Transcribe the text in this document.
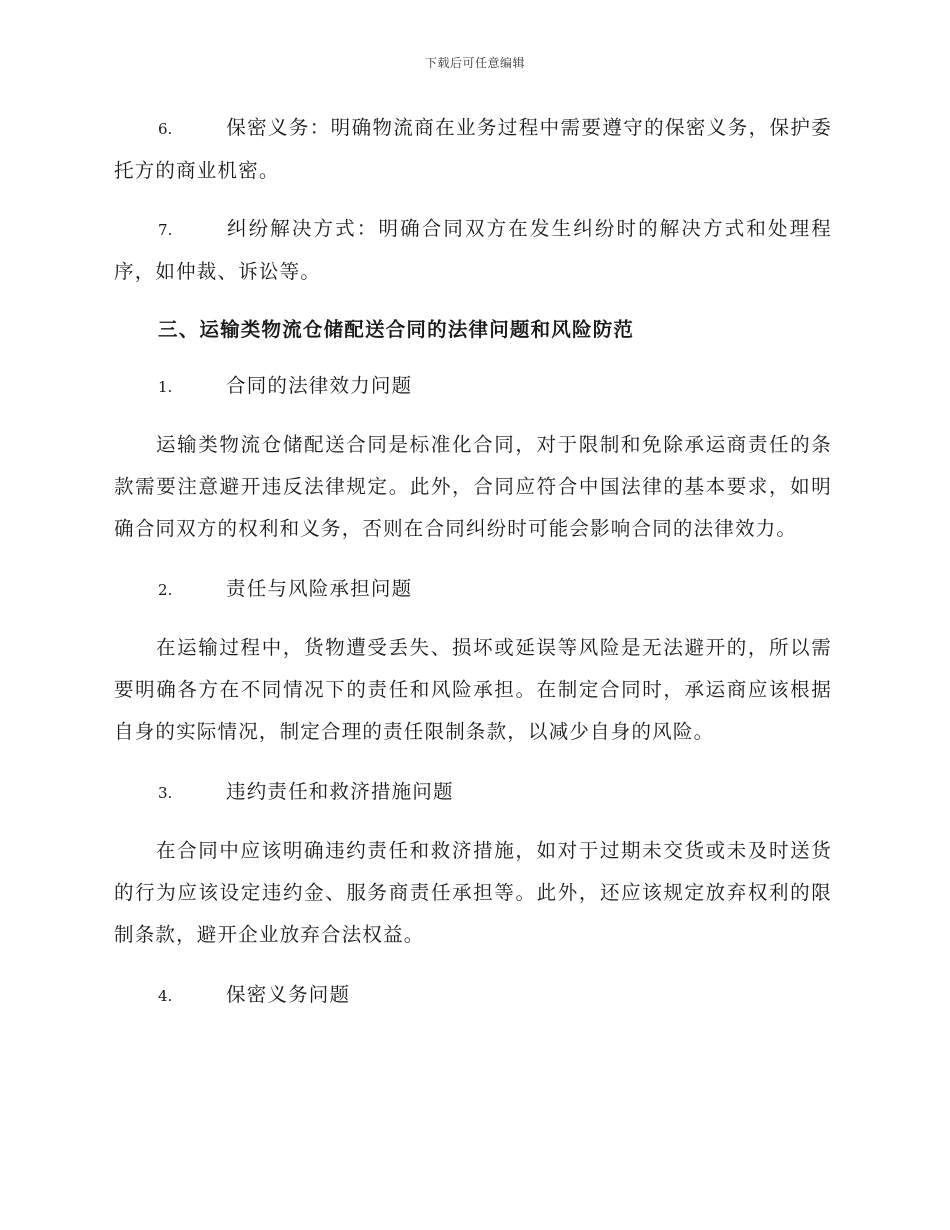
下载后可任意编辑

6.	保密义务：明确物流商在业务过程中需要遵守的保密义务，保护委托方的商业机密。

7.	纠纷解决方式：明确合同双方在发生纠纷时的解决方式和处理程序，如仲裁、诉讼等。

三、运输类物流仓储配送合同的法律问题和风险防范

1.	合同的法律效力问题

运输类物流仓储配送合同是标准化合同，对于限制和免除承运商责任的条款需要注意避开违反法律规定。此外，合同应符合中国法律的基本要求，如明确合同双方的权利和义务，否则在合同纠纷时可能会影响合同的法律效力。

2.	责任与风险承担问题

在运输过程中，货物遭受丢失、损坏或延误等风险是无法避开的，所以需要明确各方在不同情况下的责任和风险承担。在制定合同时，承运商应该根据自身的实际情况，制定合理的责任限制条款，以减少自身的风险。

3.	违约责任和救济措施问题

在合同中应该明确违约责任和救济措施，如对于过期未交货或未及时送货的行为应该设定违约金、服务商责任承担等。此外，还应该规定放弃权利的限制条款，避开企业放弃合法权益。

4.	保密义务问题
